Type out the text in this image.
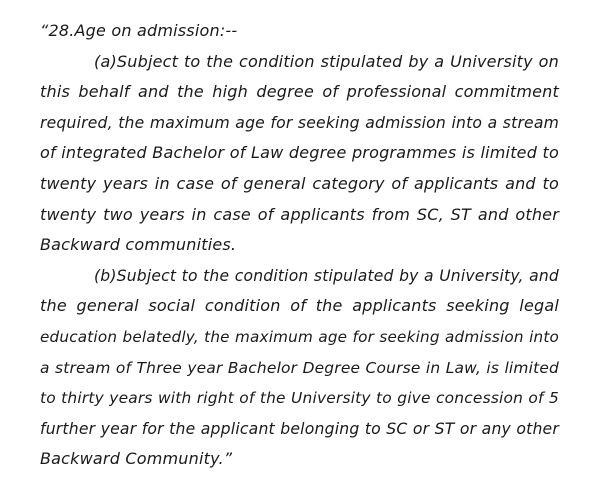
“28.Age on admission:--
(a)Subject to the condition stipulated by a University on
this behalf and the high degree of professional commitment
required, the maximum age for seeking admission into a stream
of integrated Bachelor of Law degree programmes is limited to
twenty years in case of general category of applicants and to
twenty two years in case of applicants from SC, ST and other
Backward communities.
(b)Subject to the condition stipulated by a University, and
the general social condition of the applicants seeking legal
education belatedly, the maximum age for seeking admission into
a stream of Three year Bachelor Degree Course in Law, is limited
to thirty years with right of the University to give concession of 5
further year for the applicant belonging to SC or ST or any other
Backward Community.”
